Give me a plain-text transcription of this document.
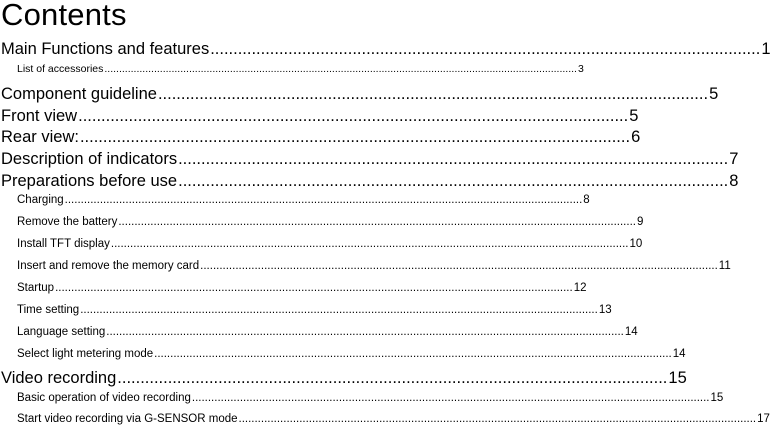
Contents
Main Functions and features ........................................................................................................................ 1
List of accessories .................................................................................................................................................................. 3
Component guideline ........................................................................................................................ 5
Front view ........................................................................................................................ 5
Rear view: ........................................................................................................................ 6
Description of indicators ........................................................................................................................ 7
Preparations before use ........................................................................................................................ 8
Charging .................................................................................................................................................................. 8
Remove the battery .................................................................................................................................................................. 9
Install TFT display .................................................................................................................................................................. 10
Insert and remove the memory card .................................................................................................................................................................. 11
Startup .................................................................................................................................................................. 12
Time setting .................................................................................................................................................................. 13
Language setting .................................................................................................................................................................. 14
Select light metering mode .................................................................................................................................................................. 14
Video recording ........................................................................................................................ 15
Basic operation of video recording .................................................................................................................................................................. 15
Start video recording via G-SENSOR mode .................................................................................................................................................................. 17
